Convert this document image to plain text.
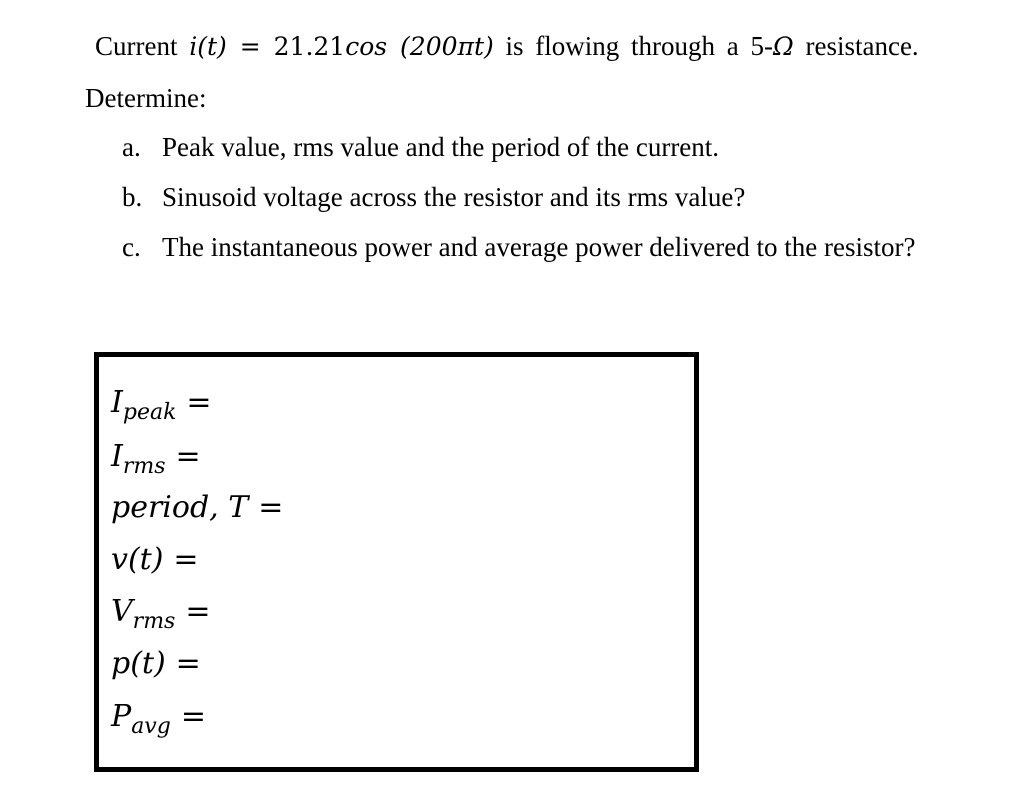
Current i(t) = 21.21cos (200πt) is flowing through a 5-Ω resistance.
Determine:
a. Peak value, rms value and the period of the current.
b. Sinusoid voltage across the resistor and its rms value?
c. The instantaneous power and average power delivered to the resistor?
$I_{peak}$ =
$I_{rms}$ =
period, T =
v(t) =
$V_{rms}$ =
p(t) =
$P_{avg}$ =
